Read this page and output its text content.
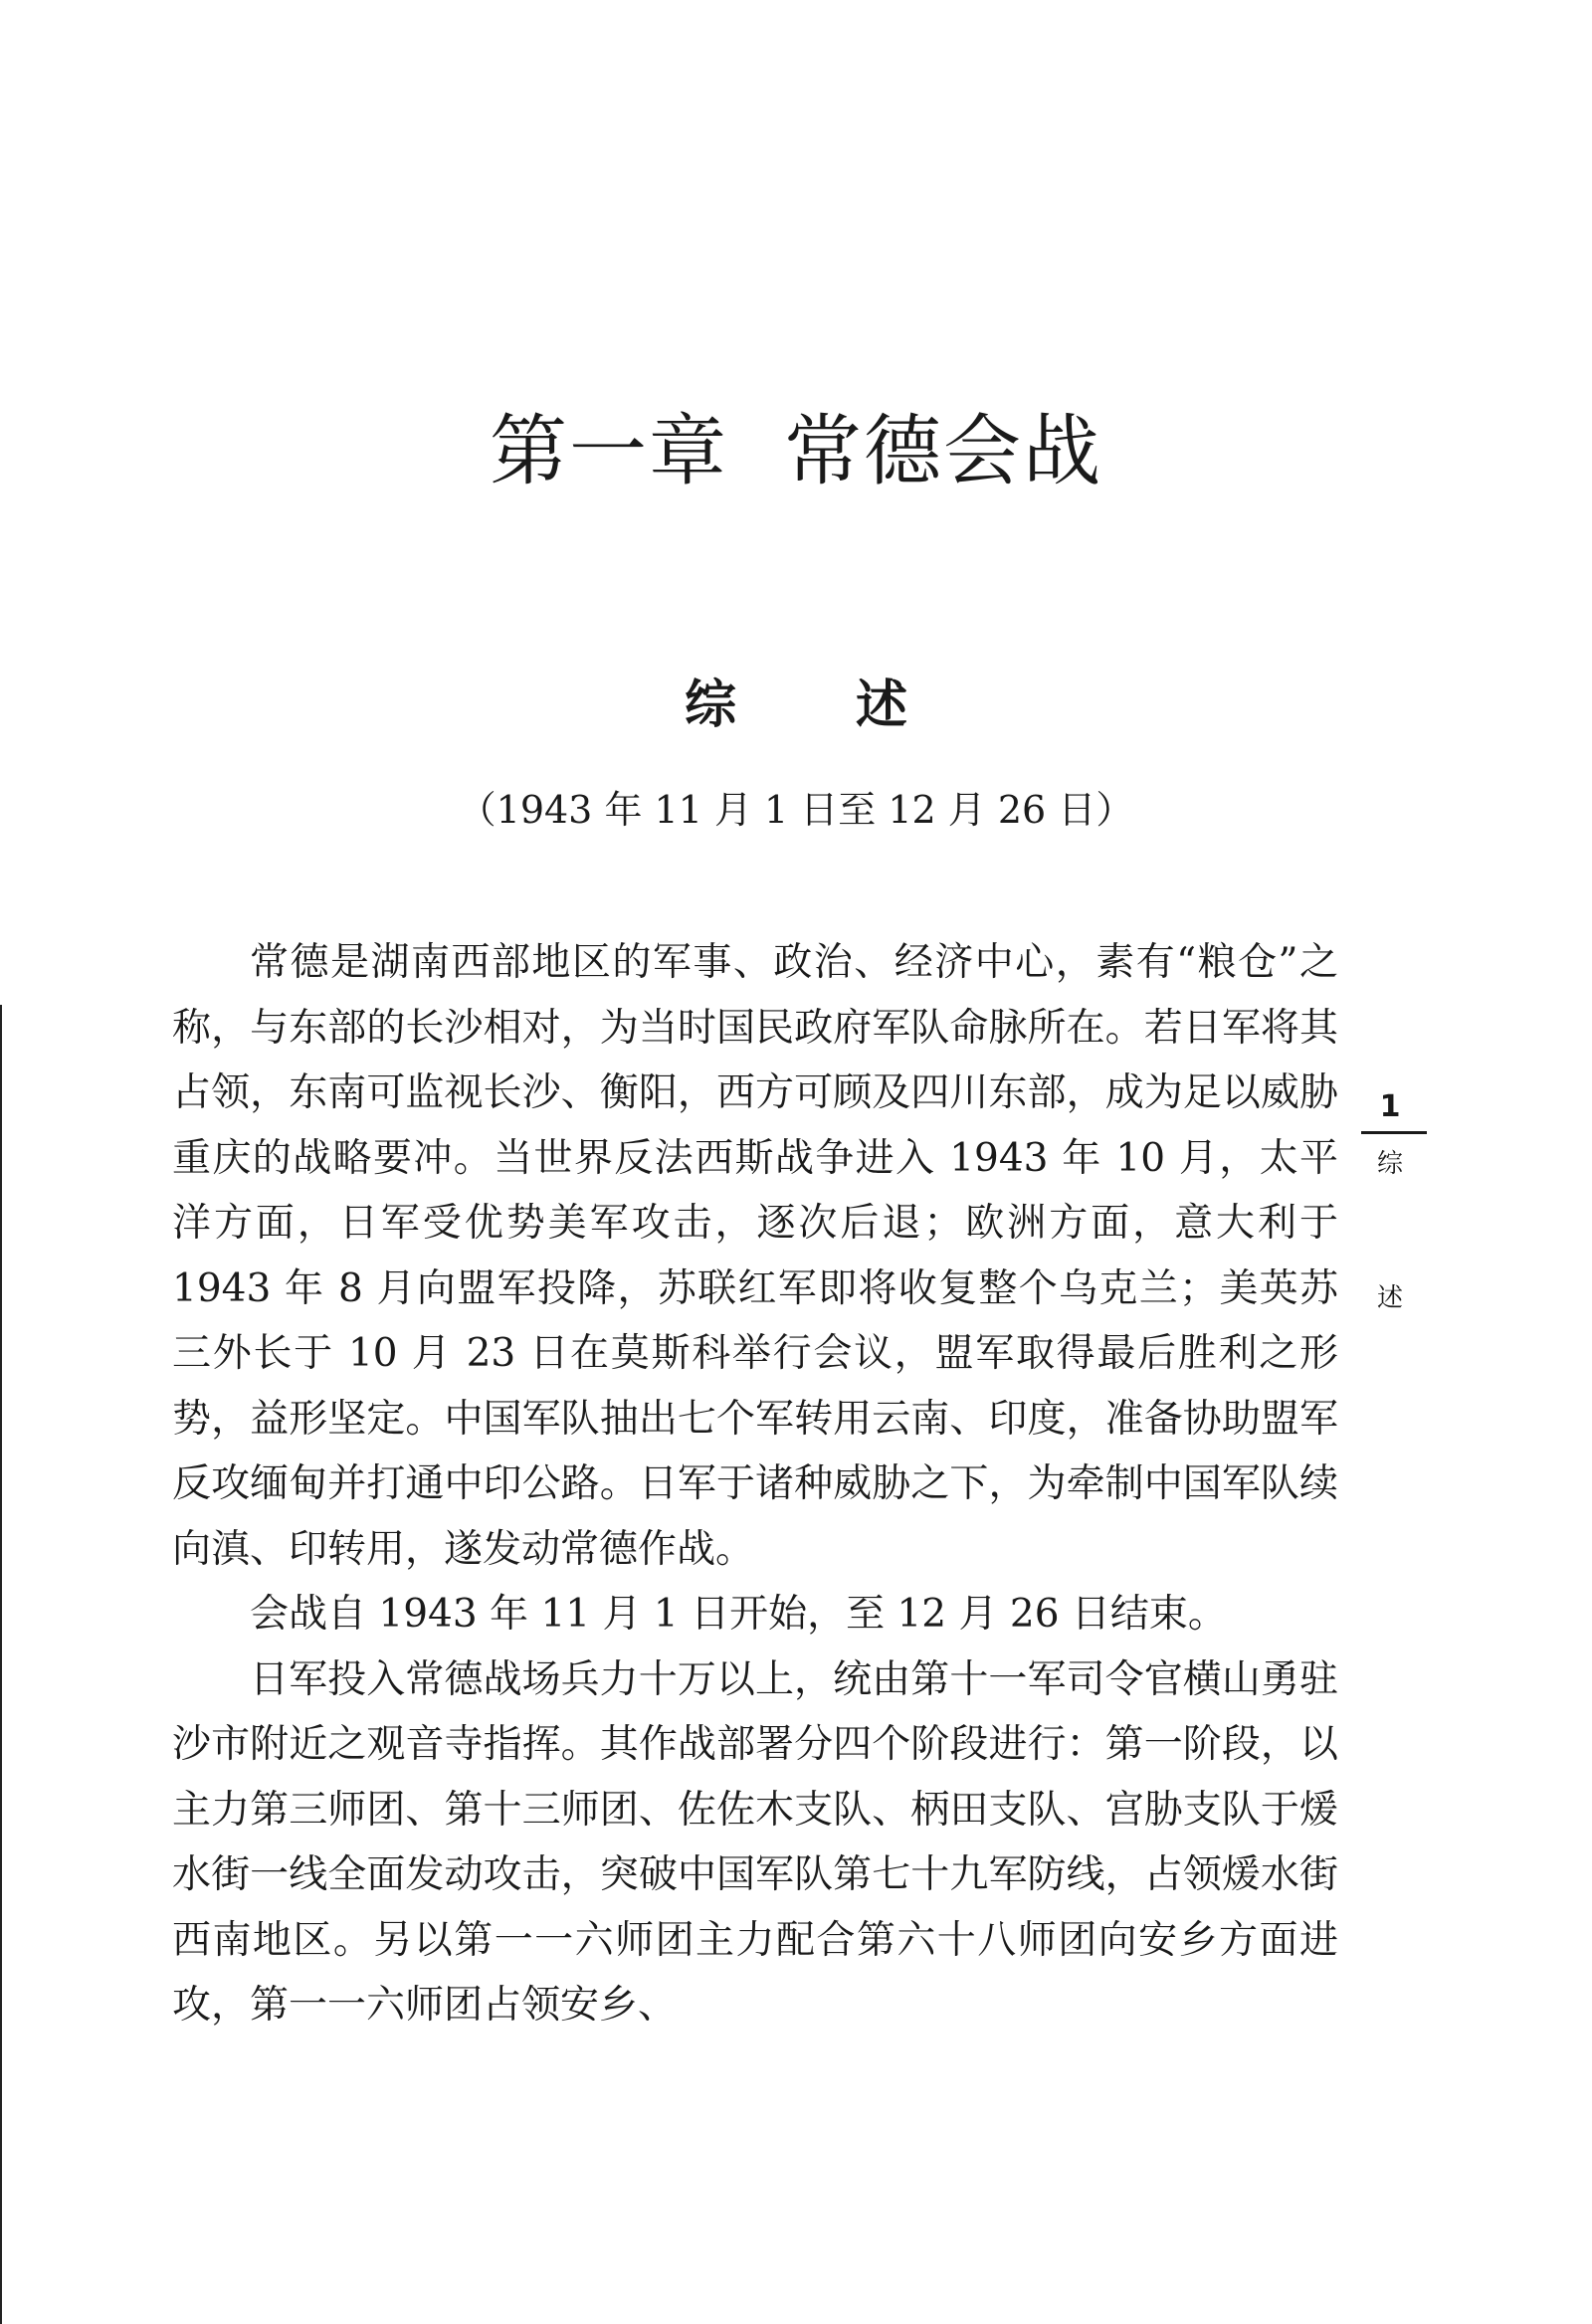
第一章 常德会战
综 述
（1943 年 11 月 1 日至 12 月 26 日）

常德是湖南西部地区的军事、政治、经济中心，素有“粮仓”之称，与东部的长沙相对，为当时国民政府军队命脉所在。若日军将其占领，东南可监视长沙、衡阳，西方可顾及四川东部，成为足以威胁重庆的战略要冲。当世界反法西斯战争进入 1943 年 10 月，太平洋方面，日军受优势美军攻击，逐次后退；欧洲方面，意大利于 1943 年 8 月向盟军投降，苏联红军即将收复整个乌克兰；美英苏三外长于 10 月 23 日在莫斯科举行会议，盟军取得最后胜利之形势，益形坚定。中国军队抽出七个军转用云南、印度，准备协助盟军反攻缅甸并打通中印公路。日军于诸种威胁之下，为牵制中国军队续向滇、印转用，遂发动常德作战。

会战自 1943 年 11 月 1 日开始，至 12 月 26 日结束。

日军投入常德战场兵力十万以上，统由第十一军司令官横山勇驻沙市附近之观音寺指挥。其作战部署分四个阶段进行：第一阶段，以主力第三师团、第十三师团、佐佐木支队、柄田支队、宫胁支队于煖水街一线全面发动攻击，突破中国军队第七十九军防线，占领煖水街西南地区。另以第一一六师团主力配合第六十八师团向安乡方面进攻，第一一六师团占领安乡、

1
综
述
